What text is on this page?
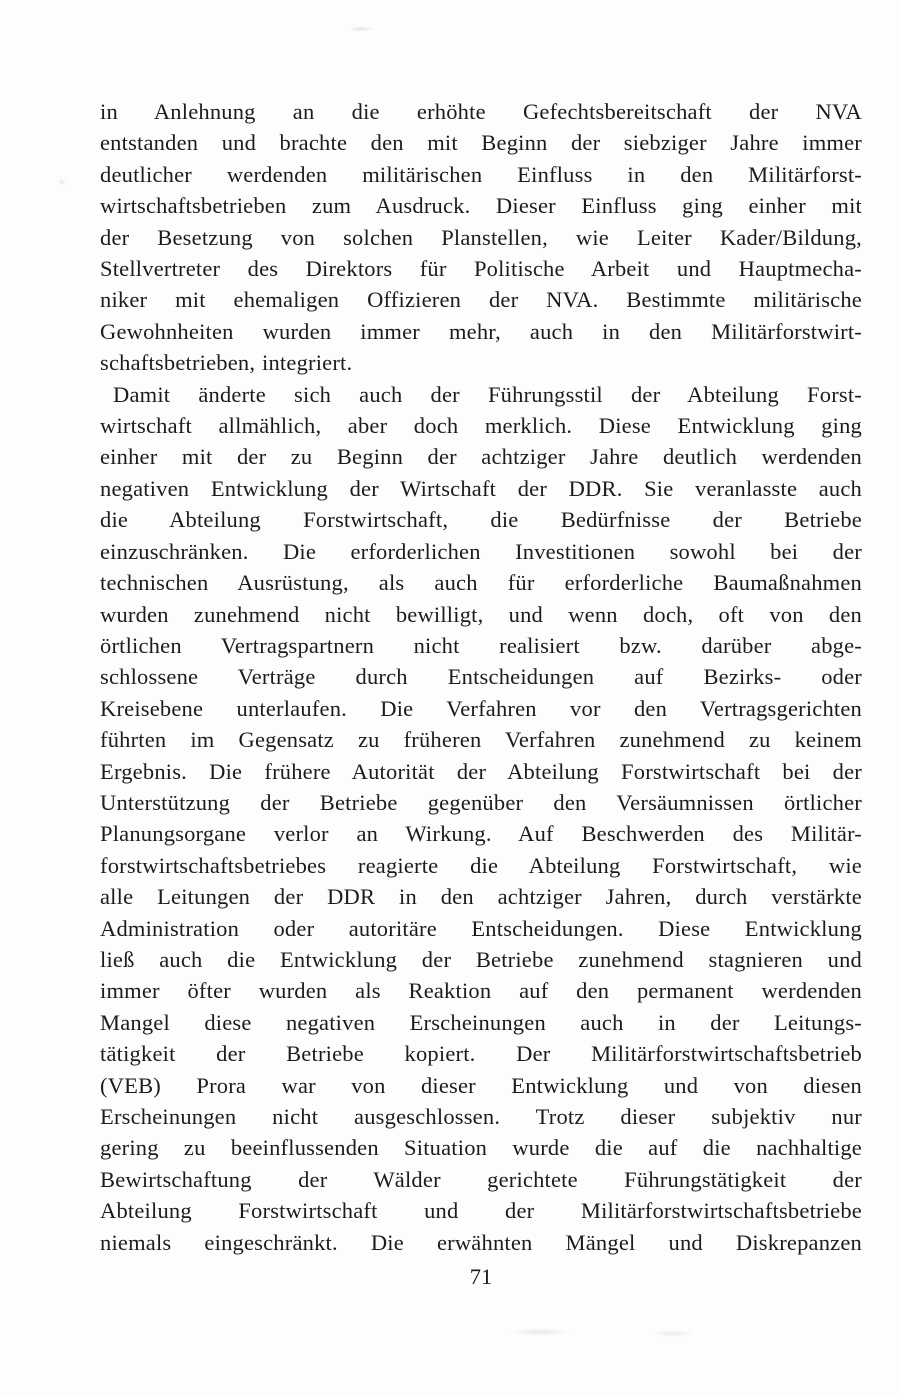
in Anlehnung an die erhöhte Gefechtsbereitschaft der NVA
entstanden und brachte den mit Beginn der siebziger Jahre immer
deutlicher werdenden militärischen Einfluss in den Militärforst-
wirtschaftsbetrieben zum Ausdruck. Dieser Einfluss ging einher mit
der Besetzung von solchen Planstellen, wie Leiter Kader/Bildung,
Stellvertreter des Direktors für Politische Arbeit und Hauptmecha-
niker mit ehemaligen Offizieren der NVA. Bestimmte militärische
Gewohnheiten wurden immer mehr, auch in den Militärforstwirt-
schaftsbetrieben, integriert.
Damit änderte sich auch der Führungsstil der Abteilung Forst-
wirtschaft allmählich, aber doch merklich. Diese Entwicklung ging
einher mit der zu Beginn der achtziger Jahre deutlich werdenden
negativen Entwicklung der Wirtschaft der DDR. Sie veranlasste auch
die Abteilung Forstwirtschaft, die Bedürfnisse der Betriebe
einzuschränken. Die erforderlichen Investitionen sowohl bei der
technischen Ausrüstung, als auch für erforderliche Baumaßnahmen
wurden zunehmend nicht bewilligt, und wenn doch, oft von den
örtlichen Vertragspartnern nicht realisiert bzw. darüber abge-
schlossene Verträge durch Entscheidungen auf Bezirks- oder
Kreisebene unterlaufen. Die Verfahren vor den Vertragsgerichten
führten im Gegensatz zu früheren Verfahren zunehmend zu keinem
Ergebnis. Die frühere Autorität der Abteilung Forstwirtschaft bei der
Unterstützung der Betriebe gegenüber den Versäumnissen örtlicher
Planungsorgane verlor an Wirkung. Auf Beschwerden des Militär-
forstwirtschaftsbetriebes reagierte die Abteilung Forstwirtschaft, wie
alle Leitungen der DDR in den achtziger Jahren, durch verstärkte
Administration oder autoritäre Entscheidungen. Diese Entwicklung
ließ auch die Entwicklung der Betriebe zunehmend stagnieren und
immer öfter wurden als Reaktion auf den permanent werdenden
Mangel diese negativen Erscheinungen auch in der Leitungs-
tätigkeit der Betriebe kopiert. Der Militärforstwirtschaftsbetrieb
(VEB) Prora war von dieser Entwicklung und von diesen
Erscheinungen nicht ausgeschlossen. Trotz dieser subjektiv nur
gering zu beeinflussenden Situation wurde die auf die nachhaltige
Bewirtschaftung der Wälder gerichtete Führungstätigkeit der
Abteilung Forstwirtschaft und der Militärforstwirtschaftsbetriebe
niemals eingeschränkt. Die erwähnten Mängel und Diskrepanzen
71
